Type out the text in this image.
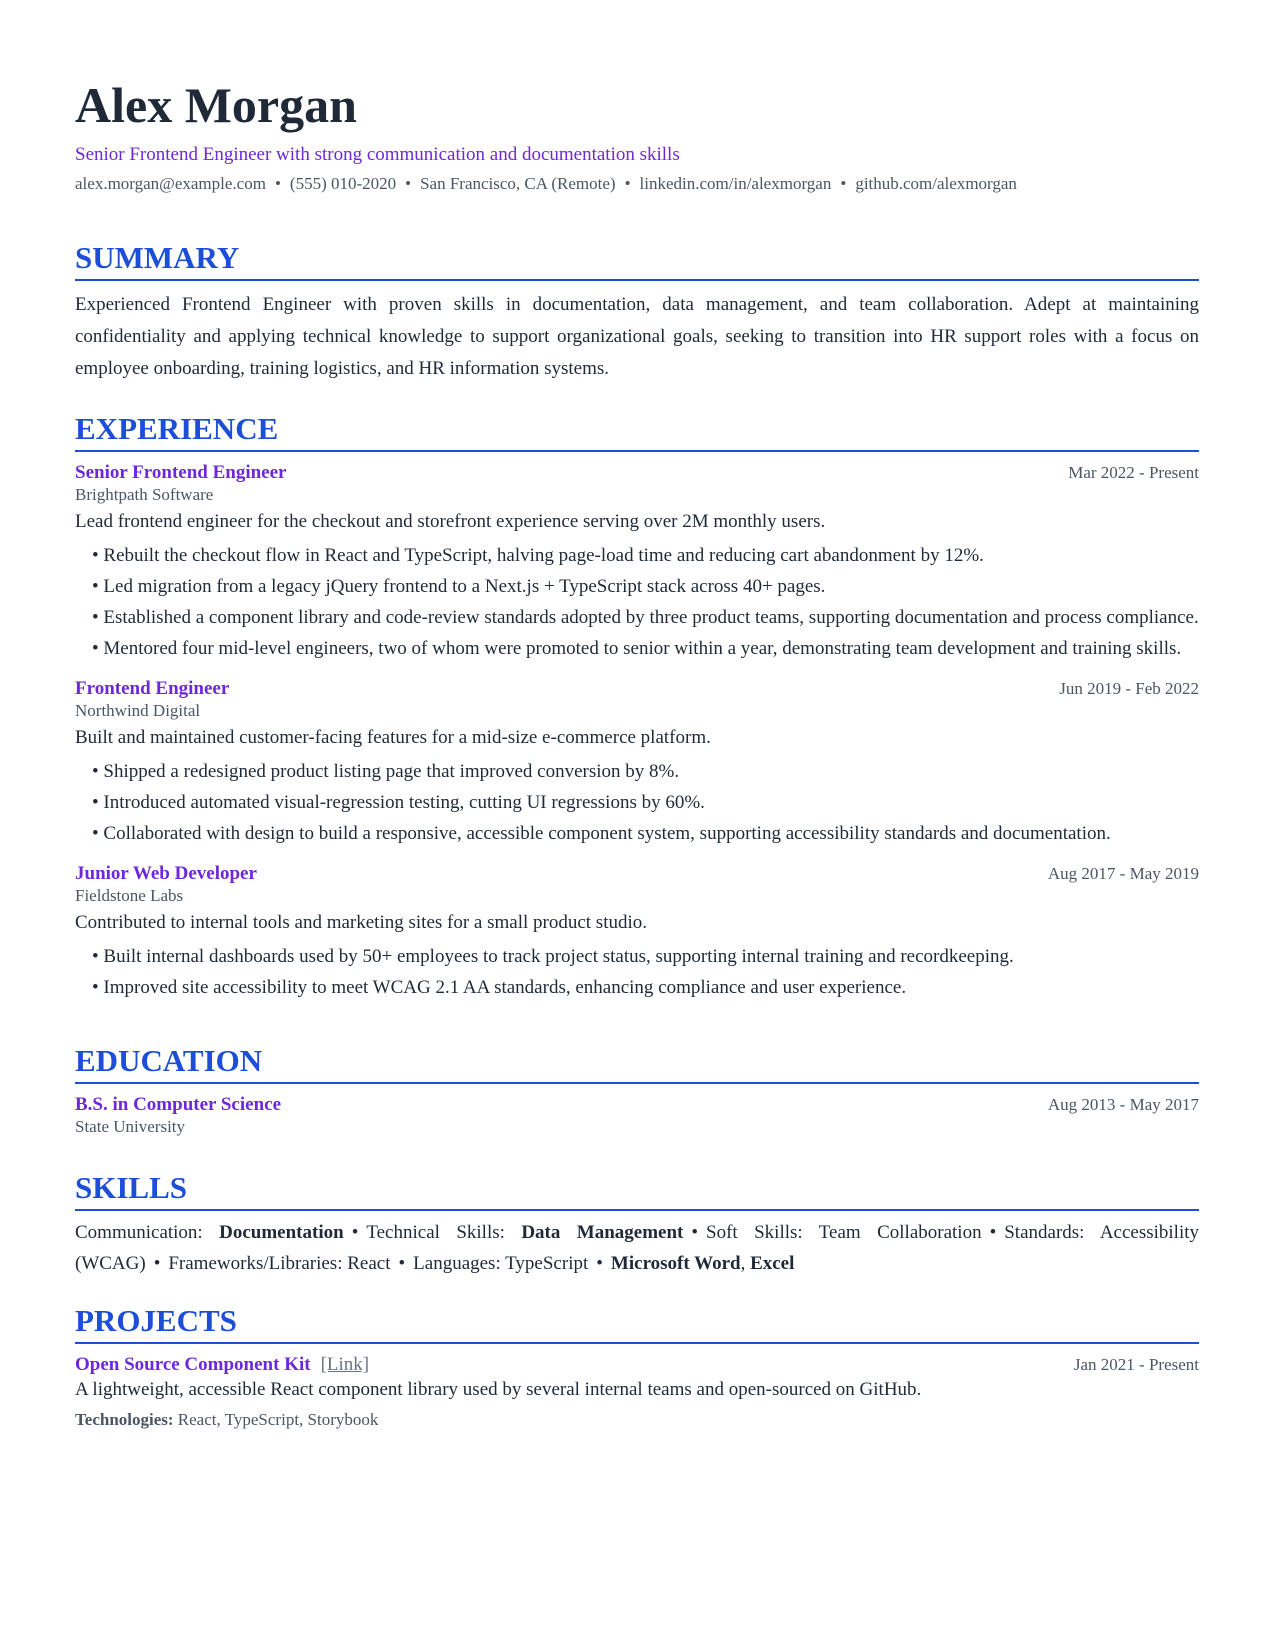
Alex Morgan
Senior Frontend Engineer with strong communication and documentation skills
alex.morgan@example.com • (555) 010-2020 • San Francisco, CA (Remote) • linkedin.com/in/alexmorgan • github.com/alexmorgan
SUMMARY
Experienced Frontend Engineer with proven skills in documentation, data management, and team collaboration. Adept at maintaining confidentiality and applying technical knowledge to support organizational goals, seeking to transition into HR support roles with a focus on employee onboarding, training logistics, and HR information systems.
EXPERIENCE
Senior Frontend Engineer	Mar 2022 - Present
Brightpath Software
Lead frontend engineer for the checkout and storefront experience serving over 2M monthly users.
• Rebuilt the checkout flow in React and TypeScript, halving page-load time and reducing cart abandonment by 12%.
• Led migration from a legacy jQuery frontend to a Next.js + TypeScript stack across 40+ pages.
• Established a component library and code-review standards adopted by three product teams, supporting documentation and process compliance.
• Mentored four mid-level engineers, two of whom were promoted to senior within a year, demonstrating team development and training skills.
Frontend Engineer	Jun 2019 - Feb 2022
Northwind Digital
Built and maintained customer-facing features for a mid-size e-commerce platform.
• Shipped a redesigned product listing page that improved conversion by 8%.
• Introduced automated visual-regression testing, cutting UI regressions by 60%.
• Collaborated with design to build a responsive, accessible component system, supporting accessibility standards and documentation.
Junior Web Developer	Aug 2017 - May 2019
Fieldstone Labs
Contributed to internal tools and marketing sites for a small product studio.
• Built internal dashboards used by 50+ employees to track project status, supporting internal training and recordkeeping.
• Improved site accessibility to meet WCAG 2.1 AA standards, enhancing compliance and user experience.
EDUCATION
B.S. in Computer Science	Aug 2013 - May 2017
State University
SKILLS
Communication: Documentation • Technical Skills: Data Management • Soft Skills: Team Collaboration • Standards: Accessibility (WCAG) • Frameworks/Libraries: React • Languages: TypeScript • Microsoft Word, Excel
PROJECTS
Open Source Component Kit [Link]	Jan 2021 - Present
A lightweight, accessible React component library used by several internal teams and open-sourced on GitHub.
Technologies: React, TypeScript, Storybook
